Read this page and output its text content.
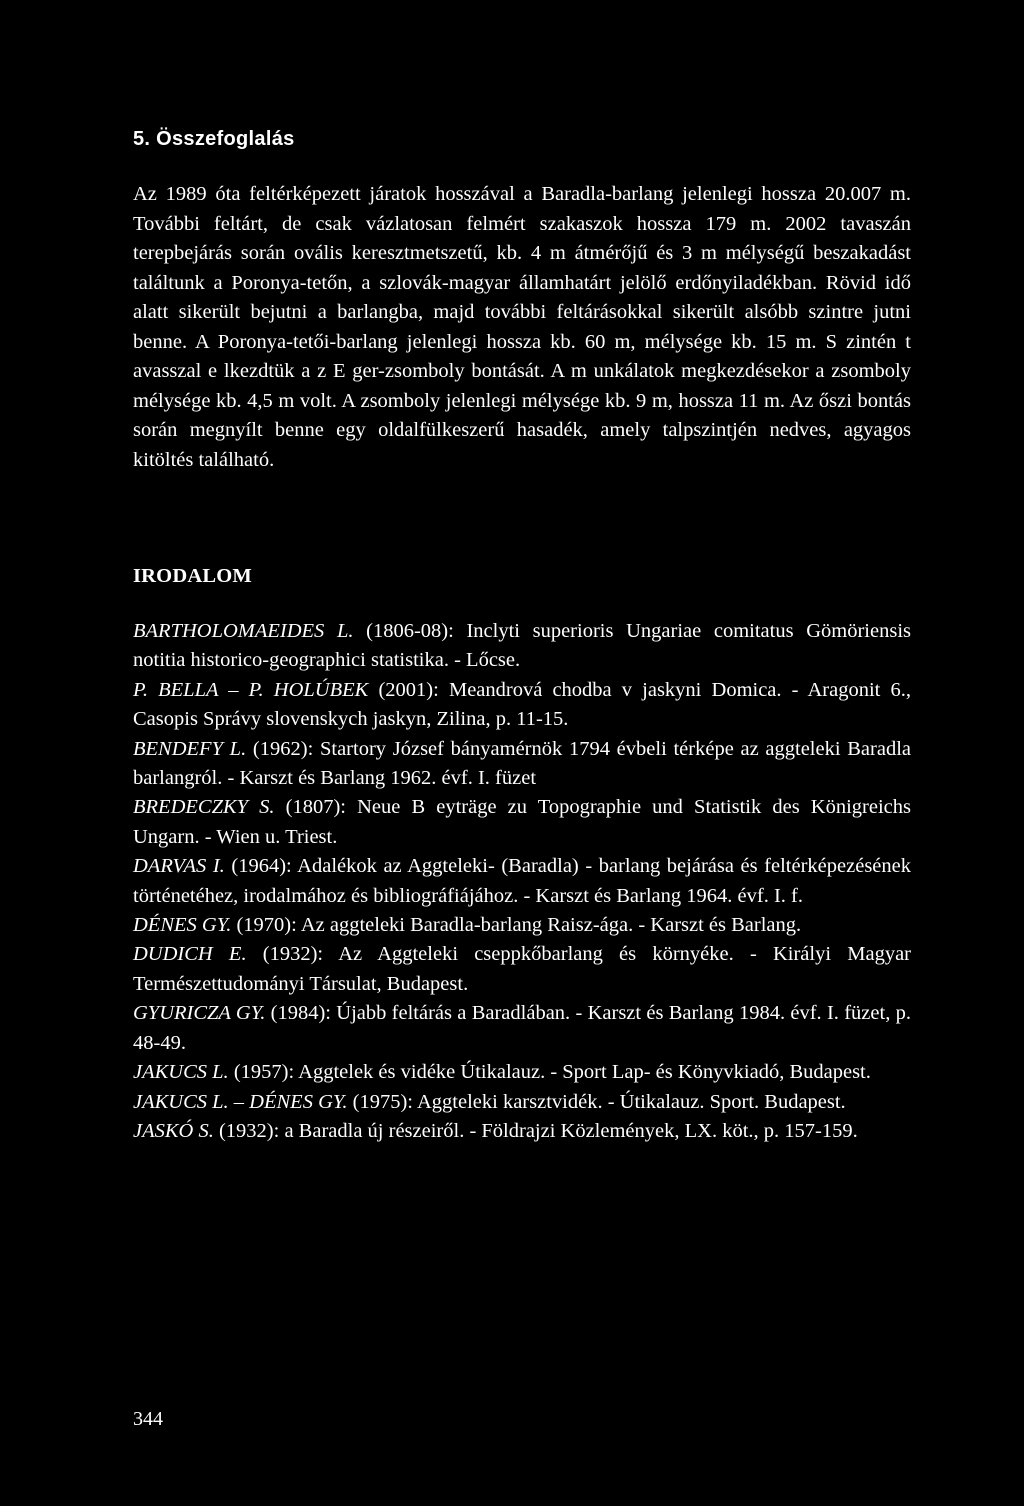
5. Összefoglalás

Az 1989 óta feltérképezett járatok hosszával a Baradla-barlang jelenlegi hossza 20.007 m. További feltárt, de csak vázlatosan felmért szakaszok hossza 179 m. 2002 tavaszán terepbejárás során ovális keresztmetszetű, kb. 4 m átmérőjű és 3 m mélységű beszakadást találtunk a Poronya-tetőn, a szlovák-magyar államhatárt jelölő erdőnyiladékban. Rövid idő alatt sikerült bejutni a barlangba, majd további feltárásokkal sikerült alsóbb szintre jutni benne. A Poronya-tetői-barlang jelenlegi hossza kb. 60 m, mélysége kb. 15 m. S zintén t avasszal e lkezdtük a z E ger-zsomboly bontását. A m unkálatok megkezdésekor a zsomboly mélysége kb. 4,5 m volt. A zsomboly jelenlegi mélysége kb. 9 m, hossza 11 m. Az őszi bontás során megnyílt benne egy oldalfülkeszerű hasadék, amely talpszintjén nedves, agyagos kitöltés található.

IRODALOM
BARTHOLOMAEIDES L. (1806-08): Inclyti superioris Ungariae comitatus Gömöriensis notitia historico-geographici statistika. - Lőcse.
P. BELLA – P. HOLÚBEK (2001): Meandrová chodba v jaskyni Domica. - Aragonit 6., Casopis Správy slovenskych jaskyn, Zilina, p. 11-15.
BENDEFY L. (1962): Startory József bányamérnök 1794 évbeli térképe az aggteleki Baradla barlangról. - Karszt és Barlang 1962. évf. I. füzet
BREDECZKY S. (1807): Neue B eyträge zu Topographie und Statistik des Königreichs Ungarn. - Wien u. Triest.
DARVAS I. (1964): Adalékok az Aggteleki- (Baradla) - barlang bejárása és feltérképezésének történetéhez, irodalmához és bibliográfiájához. - Karszt és Barlang 1964. évf. I. f.
DÉNES GY. (1970): Az aggteleki Baradla-barlang Raisz-ága. - Karszt és Barlang.
DUDICH E. (1932): Az Aggteleki cseppkőbarlang és környéke. - Királyi Magyar Természettudományi Társulat, Budapest.
GYURICZA GY. (1984): Újabb feltárás a Baradlában. - Karszt és Barlang 1984. évf. I. füzet, p. 48-49.
JAKUCS L. (1957): Aggtelek és vidéke Útikalauz. - Sport Lap- és Könyvkiadó, Budapest.
JAKUCS L. – DÉNES GY. (1975): Aggteleki karsztvidék. - Útikalauz. Sport. Budapest.
JASKÓ S. (1932): a Baradla új részeiről. - Földrajzi Közlemények, LX. köt., p. 157-159.

344
